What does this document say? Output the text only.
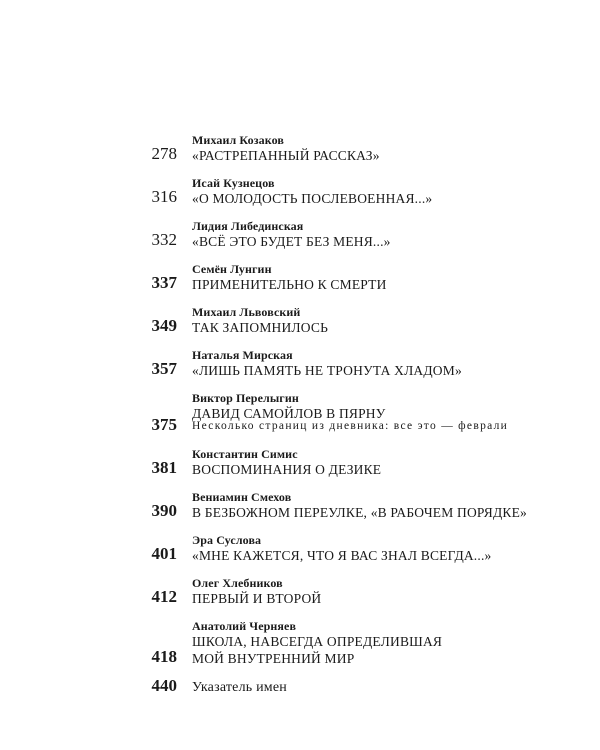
Михаил Козаков
278 «РАСТРЕПАННЫЙ РАССКАЗ»
Исай Кузнецов
316 «О МОЛОДОСТЬ ПОСЛЕВОЕННАЯ...»
Лидия Либединская
332 «ВСЁ ЭТО БУДЕТ БЕЗ МЕНЯ...»
Семён Лунгин
337 ПРИМЕНИТЕЛЬНО К СМЕРТИ
Михаил Львовский
349 ТАК ЗАПОМНИЛОСЬ
Наталья Мирская
357 «ЛИШЬ ПАМЯТЬ НЕ ТРОНУТА ХЛАДОМ»
Виктор Перелыгин
ДАВИД САМОЙЛОВ В ПЯРНУ
375 Несколько страниц из дневника: все это — феврали
Константин Симис
381 ВОСПОМИНАНИЯ О ДЕЗИКЕ
Вениамин Смехов
390 В БЕЗБОЖНОМ ПЕРЕУЛКЕ, «В РАБОЧЕМ ПОРЯДКЕ»
Эра Суслова
401 «МНЕ КАЖЕТСЯ, ЧТО Я ВАС ЗНАЛ ВСЕГДА...»
Олег Хлебников
412 ПЕРВЫЙ И ВТОРОЙ
Анатолий Черняев
ШКОЛА, НАВСЕГДА ОПРЕДЕЛИВШАЯ
418 МОЙ ВНУТРЕННИЙ МИР
440 Указатель имен
